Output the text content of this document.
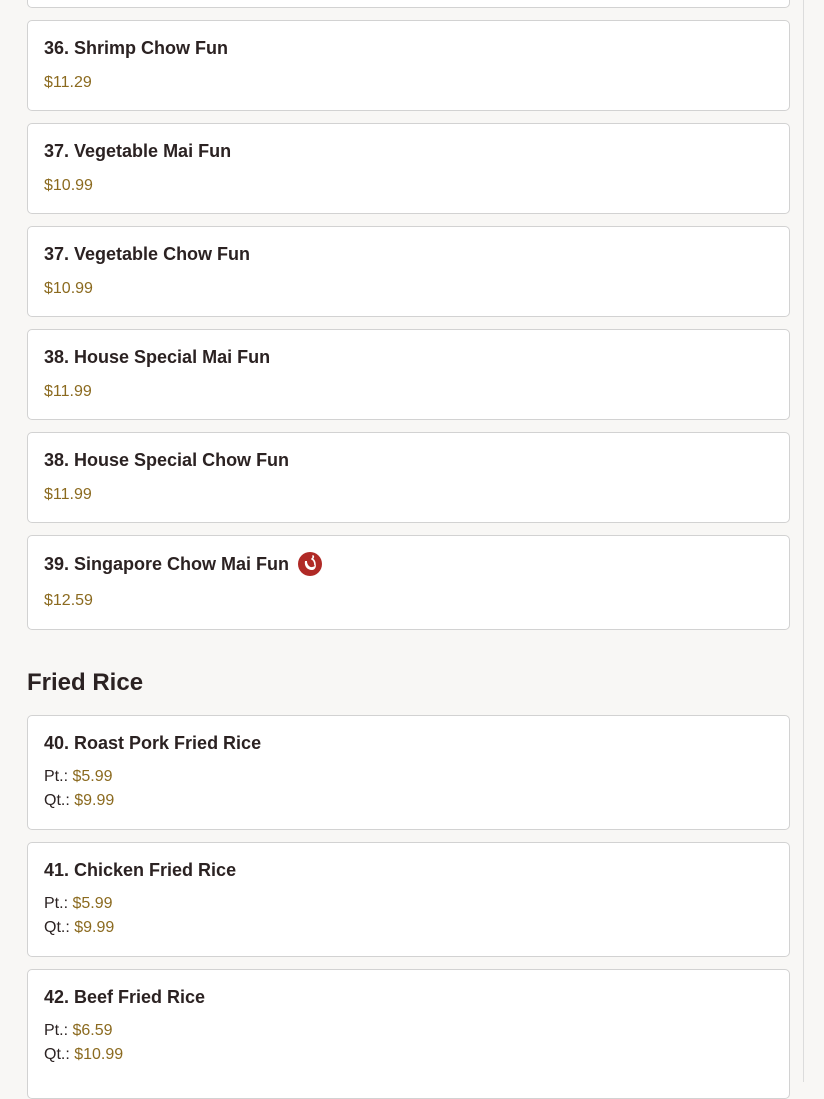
36. Shrimp Chow Fun
$11.29
37. Vegetable Mai Fun
$10.99
37. Vegetable Chow Fun
$10.99
38. House Special Mai Fun
$11.99
38. House Special Chow Fun
$11.99
39. Singapore Chow Mai Fun
$12.59
Fried Rice
40. Roast Pork Fried Rice
Pt.: $5.99
Qt.: $9.99
41. Chicken Fried Rice
Pt.: $5.99
Qt.: $9.99
42. Beef Fried Rice
Pt.: $6.59
Qt.: $10.99
